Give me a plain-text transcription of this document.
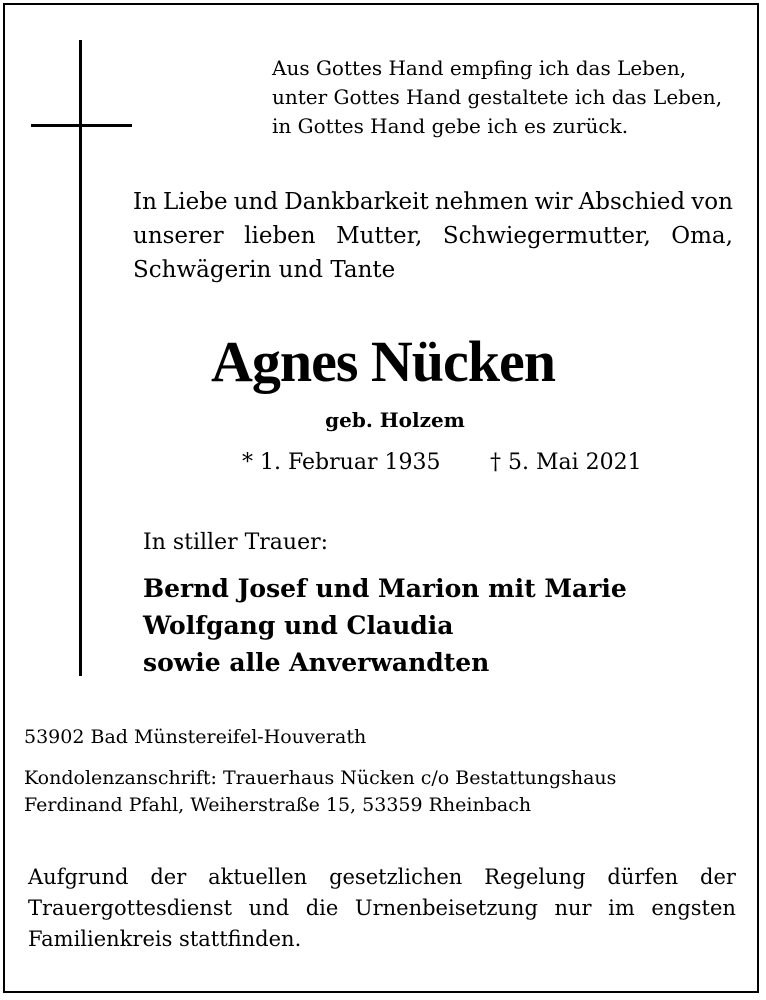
Aus Gottes Hand empfing ich das Leben,
unter Gottes Hand gestaltete ich das Leben,
in Gottes Hand gebe ich es zurück.
In Liebe und Dankbarkeit nehmen wir Abschied von
unserer lieben Mutter, Schwiegermutter, Oma,
Schwägerin und Tante
Agnes Nücken
geb. Holzem
* 1. Februar 1935 † 5. Mai 2021
In stiller Trauer:
Bernd Josef und Marion mit Marie
Wolfgang und Claudia
sowie alle Anverwandten
53902 Bad Münstereifel-Houverath
Kondolenzanschrift: Trauerhaus Nücken c/o Bestattungshaus
Ferdinand Pfahl, Weiherstraße 15, 53359 Rheinbach
Aufgrund der aktuellen gesetzlichen Regelung dürfen der
Trauergottesdienst und die Urnenbeisetzung nur im engsten
Familienkreis stattfinden.
